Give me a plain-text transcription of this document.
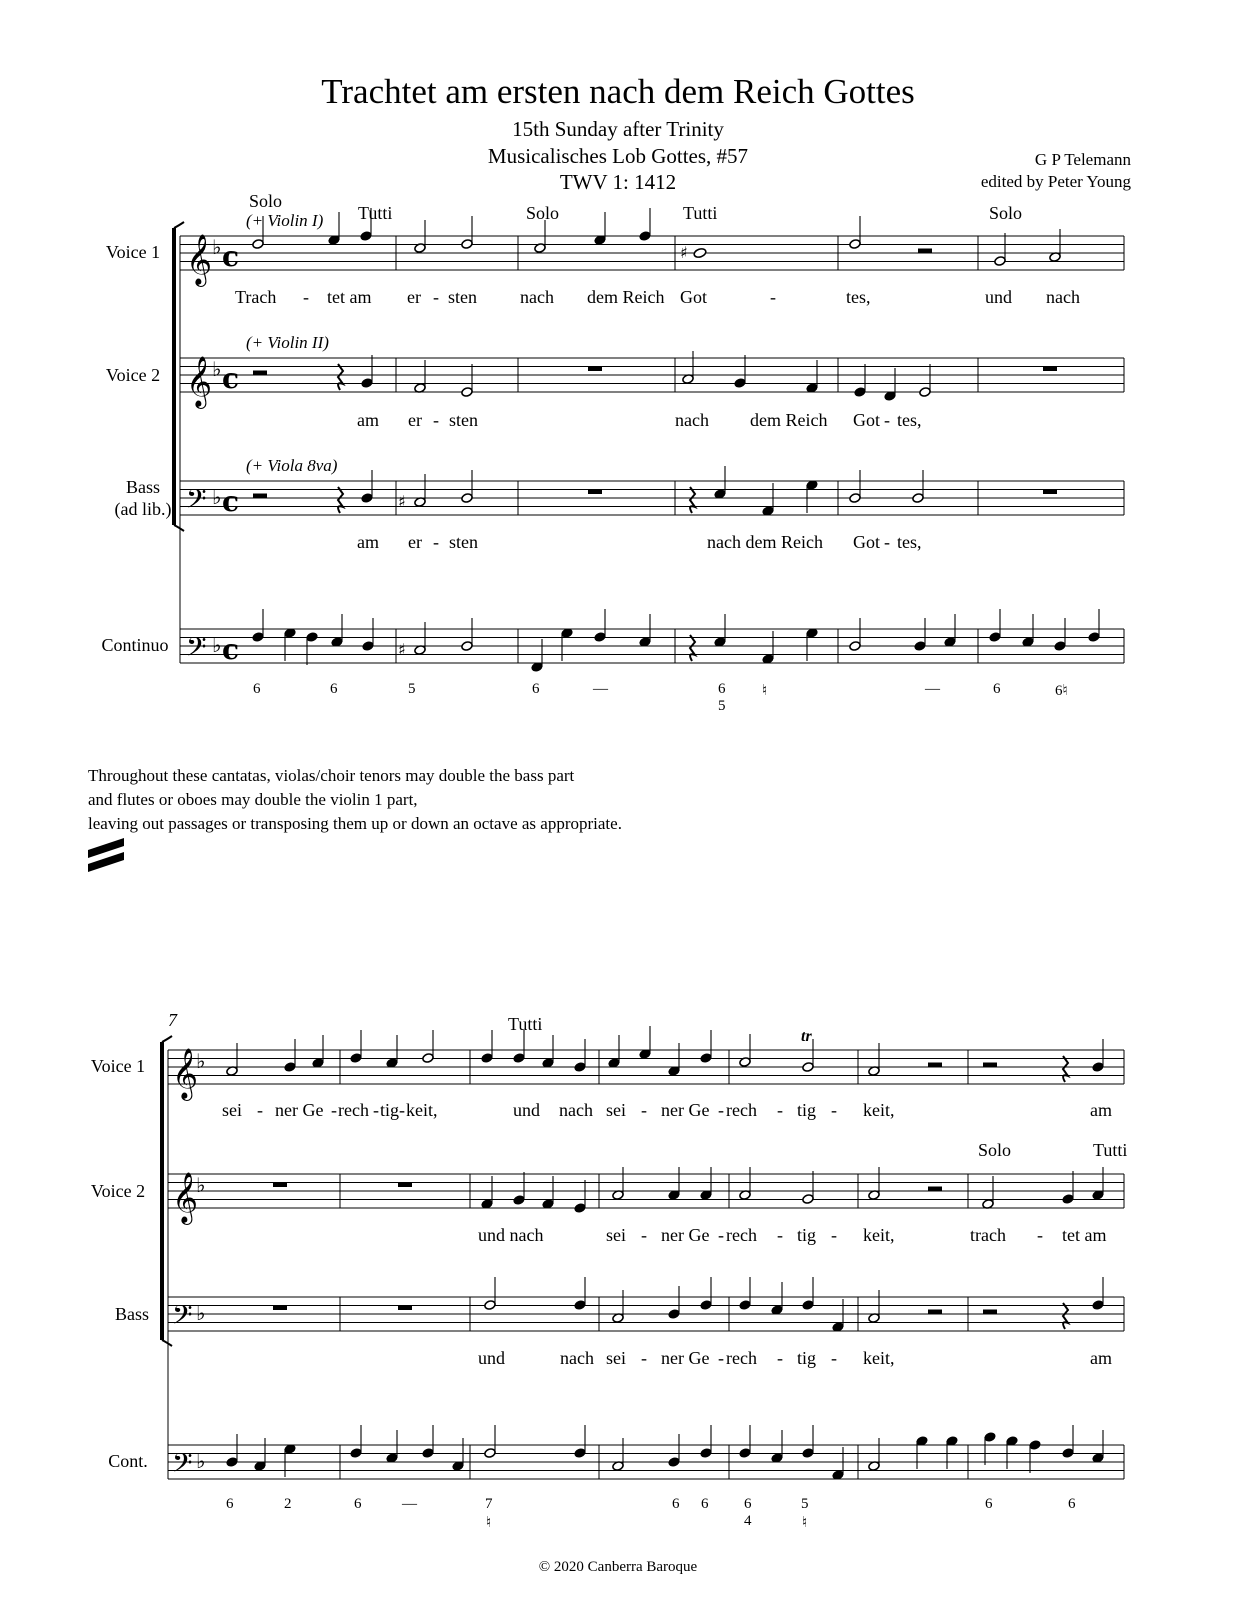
Trachtet am ersten nach dem Reich Gottes
15th Sunday after Trinity
Musicalisches Lob Gottes, #57
TWV 1: 1412
G P Telemann
edited by Peter Young
Voice 1
Voice 2
Bass
(ad lib.)
Continuo
Solo
(+ Violin I) Tutti	Solo	Tutti	Solo
(+ Violin II)
(+ Viola 8va)
Trach - tet am er - sten nach dem Reich Got	-	tes,	und nach
am er - sten	nach dem Reich Got - tes,
am er - sten	nach dem Reich Got - tes,
6	6	5	6	—	6
5
♮	—	6	6♮
Throughout these cantatas, violas/choir tenors may double the bass part
and flutes or oboes may double the violin 1 part,
leaving out passages or transposing them up or down an octave as appropriate.
7
Voice 1
Voice 2
Bass
Cont.
Tutti
tr
Solo	Tutti
sei - ner Ge - rech - tig - keit,	und nach sei - ner Ge - rech - tig - keit,	am
und nach	sei - ner Ge - rech - tig - keit,	trach - tet am
und	nach sei - ner Ge - rech - tig - keit,	am
6	2	6	—	7
♮
6 6 6
4
5
♮
6	6
© 2020 Canberra Baroque
𝄞 ♭ c
𝄞 ♭ c
𝄢 ♭ c
𝄢 ♭ c
♯
♯
♯
𝄞
♭
𝄞
♭
𝄢 ♭
𝄢 ♭
